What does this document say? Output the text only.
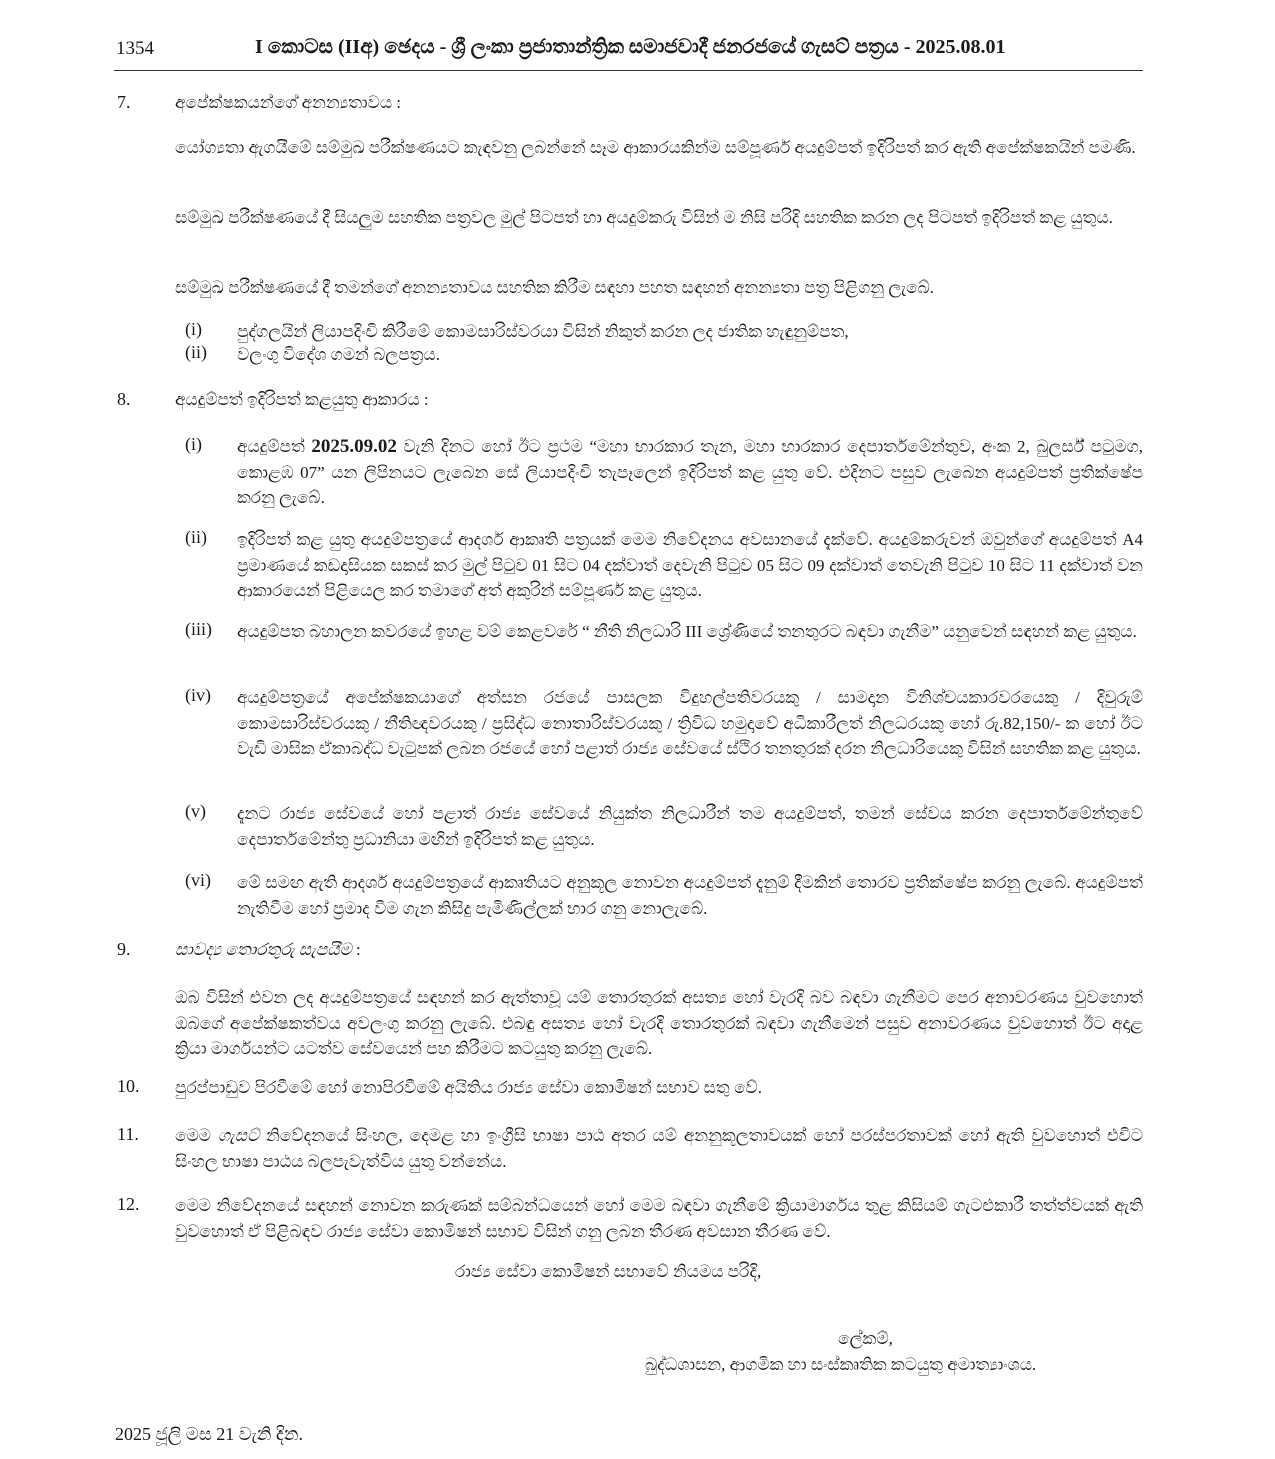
1354	I කොටස (IIඅ) ඡෙදය - ශ්‍රී ලංකා ප්‍රජාතාන්ත්‍රික සමාජවාදී ජනරජයේ ගැසට් පත්‍රය - 2025.08.01
7.	අපේක්ෂකයන්ගේ අනන්‍යතාවය :
යෝග්‍යතා ඇගයීමේ සම්මුඛ පරීක්ෂණයට කැඳවනු ලබන්නේ සෑම ආකාරයකින්ම සම්පූර්ණ අයදුම්පත් ඉදිරිපත් කර ඇති අපේක්ෂකයින් පමණි.
සම්මුඛ පරීක්ෂණයේ දී සියලුම සහතික පත්‍රවල මුල් පිටපත් හා අයදුම්කරු විසින් ම නිසි පරිදි සහතික කරන ලද පිටපත් ඉදිරිපත් කළ යුතුය.
සම්මුඛ පරීක්ෂණයේ දී තමන්ගේ අනන්‍යතාවය සහතික කිරීම සඳහා පහත සඳහන් අනන්‍යතා පත්‍ර පිළිගනු ලැබේ.
(i) පුද්ගලයින් ලියාපදිංචි කිරීමේ කොමසාරිස්වරයා විසින් නිකුත් කරන ලද ජාතික හැඳුනුම්පත,
(ii) වලංගු විදේශ ගමන් බලපත්‍රය.
8.	අයදුම්පත් ඉදිරිපත් කළයුතු ආකාරය :
(i) අයදුම්පත් 2025.09.02 වැනි දිනට හෝ ඊට ප්‍රථම “මහා භාරකාර තැන, මහා භාරකාර දෙපාර්තමේන්තුව, අංක 2, බුලර්ස් පටුමග, කොළඹ 07” යන ලිපිනයට ලැබෙන සේ ලියාපදිංචි තැපෑලෙන් ඉදිරිපත් කළ යුතු වේ. එදිනට පසුව ලැබෙන අයදුම්පත් ප්‍රතික්ෂේප කරනු ලැබේ.
(ii) ඉදිරිපත් කළ යුතු අයදුම්පත්‍රයේ ආදර්ශ ආකෘති පත්‍රයක් මෙම නිවේදනය අවසානයේ දැක්වේ. අයදුම්කරුවන් ඔවුන්ගේ අයදුම්පත් A4 ප්‍රමාණයේ කඩදාසියක සකස් කර මුල් පිටුව 01 සිට 04 දක්වාත් දෙවැනි පිටුව 05 සිට 09 දක්වාත් තෙවැනි පිටුව 10 සිට 11 දක්වාත් වන ආකාරයෙන් පිළියෙල කර තමාගේ අත් අකුරින් සම්පූර්ණ කළ යුතුය.
(iii) අයදුම්පත බහාලන කවරයේ ඉහළ වම් කෙළවරේ “ නීති නිලධාරි III ශ්‍රේණියේ තනතුරට බඳවා ගැනීම” යනුවෙන් සඳහන් කළ යුතුය.
(iv) අයදුම්පත්‍රයේ අපේක්ෂකයාගේ අත්සන රජයේ පාසලක විදුහල්පතිවරයකු / සාමදාන විනිශ්චයකාරවරයෙකු / දිවුරුම් කොමසාරිස්වරයකු / නීතිඥවරයකු / ප්‍රසිද්ධ නොතාරිස්වරයකු / ත්‍රිවිධ හමුදාවේ අධිකාරීලත් නිලධරයකු හෝ රු.82,150/- ක හෝ ඊට වැඩි මාසික ඒකාබද්ධ වැටුපක් ලබන රජයේ හෝ පළාත් රාජ්‍ය සේවයේ ස්ථිර තනතුරක් දරන නිලධාරියෙකු විසින් සහතික කළ යුතුය.
(v) දැනට රාජ්‍ය සේවයේ හෝ පළාත් රාජ්‍ය සේවයේ නියුක්ත නිලධාරීන් තම අයදුම්පත්, තමන් සේවය කරන දෙපාර්තමේන්තුවේ දෙපාර්තමේන්තු ප්‍රධානියා මඟින් ඉදිරිපත් කළ යුතුය.
(vi) මේ සමඟ ඇති ආදර්ශ අයදුම්පත්‍රයේ ආකෘතියට අනුකූල නොවන අයදුම්පත් දැනුම් දීමකින් තොරව ප්‍රතික්ෂේප කරනු ලැබේ. අයදුම්පත් නැතිවීම හෝ ප්‍රමාද වීම ගැන කිසිදු පැමිණිල්ලක් භාර ගනු නොලැබේ.
9.	සාවද්‍ය තොරතුරු සැපයීම :
ඔබ විසින් එවන ලද අයදුම්පත්‍රයේ සඳහන් කර ඇත්තාවූ යම් තොරතුරක් අසත්‍ය හෝ වැරදි බව බඳවා ගැනීමට පෙර අනාවරණය වුවහොත් ඔබගේ අපේක්ෂකත්වය අවලංගු කරනු ලැබේ. එබඳු අසත්‍ය හෝ වැරදි තොරතුරක් බඳවා ගැනීමෙන් පසුව අනාවරණය වුවහොත් ඊට අදාළ ක්‍රියා මාර්ගයන්ට යටත්ව සේවයෙන් පහ කිරීමට කටයුතු කරනු ලැබේ.
10. පුරප්පාඩුව පිරවීමේ හෝ නොපිරවීමේ අයිතිය රාජ්‍ය සේවා කොමිෂන් සභාව සතු වේ.
11. මෙම ගැසට් නිවේදනයේ සිංහල, දෙමළ හා ඉංග්‍රීසි භාෂා පාඨ අතර යම් අනනුකූලතාවයක් හෝ පරස්පරතාවක් හෝ ඇති වුවහොත් එවිට සිංහල භාෂා පාඨය බලපැවැත්විය යුතු වන්නේය.
12. මෙම නිවේදනයේ සඳහන් නොවන කරුණක් සම්බන්ධයෙන් හෝ මෙම බඳවා ගැනීමේ ක්‍රියාමාර්ගය තුළ කිසියම් ගැටළුකාරී තත්ත්වයක් ඇති වුවහොත් ඒ පිළිබඳව රාජ්‍ය සේවා කොමිෂන් සභාව විසින් ගනු ලබන තීරණ අවසාන තීරණ වේ.
රාජ්‍ය සේවා කොමිෂන් සභාවේ නියමය පරිදි,
ලේකම්,
බුද්ධශාසන, ආගමික හා සංස්කෘතික කටයුතු අමාත්‍යාංශය.
2025 ජූලි මස 21 වැනි දින.
